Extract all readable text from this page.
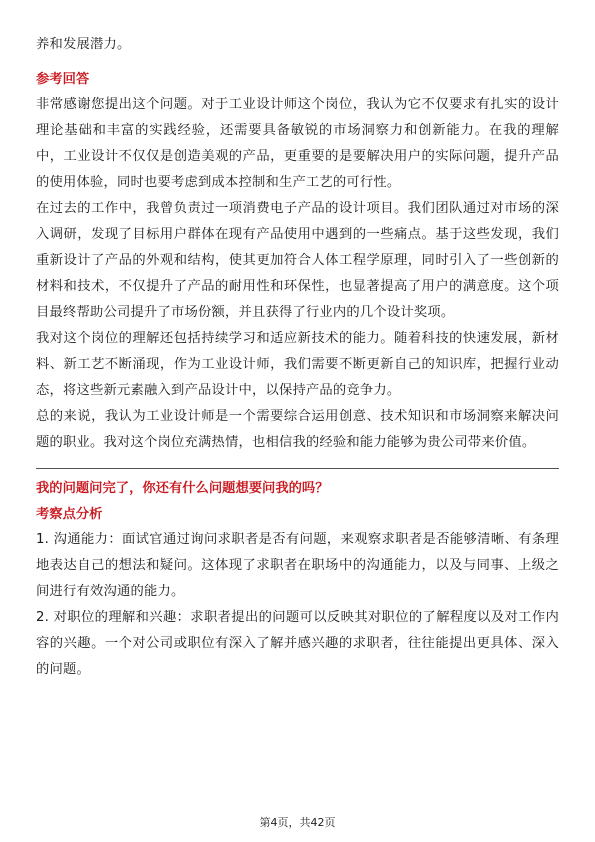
养和发展潜力。

参考回答

非常感谢您提出这个问题。对于工业设计师这个岗位，我认为它不仅要求有扎实的设计理论基础和丰富的实践经验，还需要具备敏锐的市场洞察力和创新能力。在我的理解中，工业设计不仅仅是创造美观的产品，更重要的是要解决用户的实际问题，提升产品的使用体验，同时也要考虑到成本控制和生产工艺的可行性。

在过去的工作中，我曾负责过一项消费电子产品的设计项目。我们团队通过对市场的深入调研，发现了目标用户群体在现有产品使用中遇到的一些痛点。基于这些发现，我们重新设计了产品的外观和结构，使其更加符合人体工程学原理，同时引入了一些创新的材料和技术，不仅提升了产品的耐用性和环保性，也显著提高了用户的满意度。这个项目最终帮助公司提升了市场份额，并且获得了行业内的几个设计奖项。

我对这个岗位的理解还包括持续学习和适应新技术的能力。随着科技的快速发展，新材料、新工艺不断涌现，作为工业设计师，我们需要不断更新自己的知识库，把握行业动态，将这些新元素融入到产品设计中，以保持产品的竞争力。

总的来说，我认为工业设计师是一个需要综合运用创意、技术知识和市场洞察来解决问题的职业。我对这个岗位充满热情，也相信我的经验和能力能够为贵公司带来价值。

我的问题问完了，你还有什么问题想要问我的吗？

考察点分析

1. 沟通能力：面试官通过询问求职者是否有问题，来观察求职者是否能够清晰、有条理地表达自己的想法和疑问。这体现了求职者在职场中的沟通能力，以及与同事、上级之间进行有效沟通的能力。

2. 对职位的理解和兴趣：求职者提出的问题可以反映其对职位的了解程度以及对工作内容的兴趣。一个对公司或职位有深入了解并感兴趣的求职者，往往能提出更具体、深入的问题。

第4页，共42页
